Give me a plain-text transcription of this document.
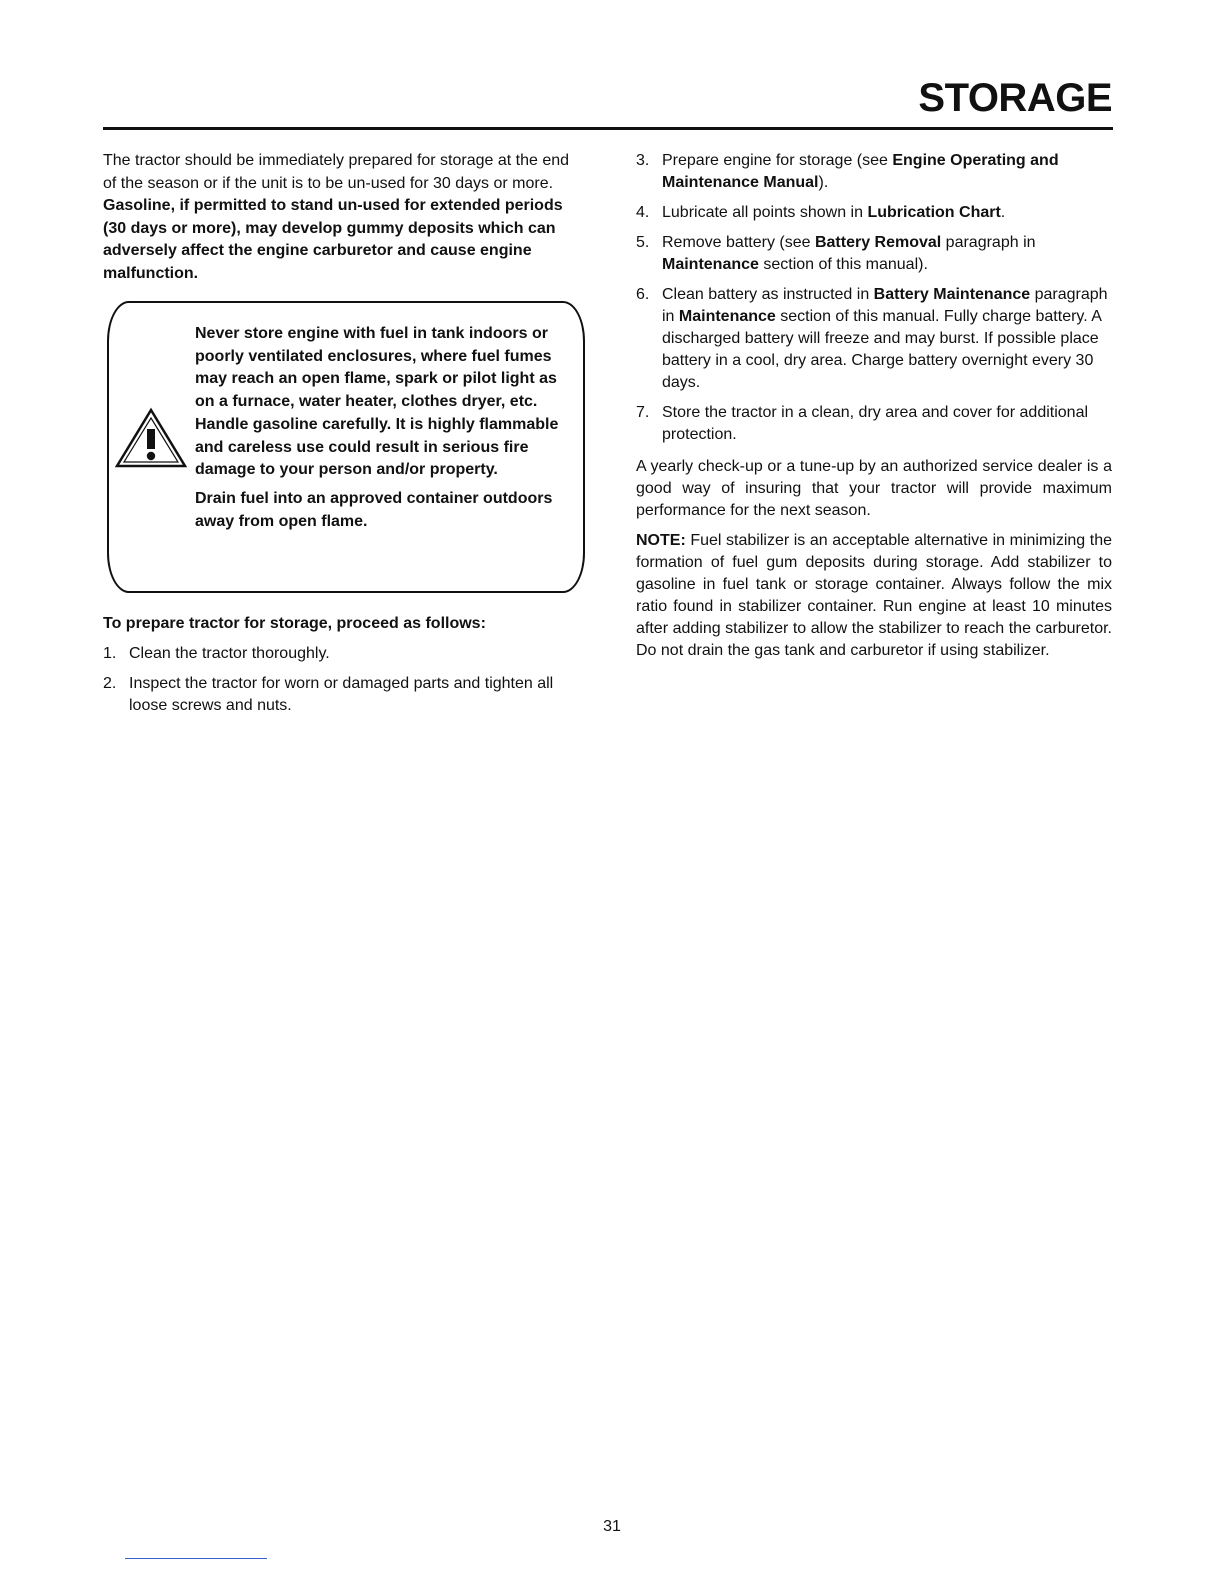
STORAGE

The tractor should be immediately prepared for storage at the end of the season or if the unit is to be un-used for 30 days or more. Gasoline, if permitted to stand un-used for extended periods (30 days or more), may develop gummy deposits which can adversely affect the engine carburetor and cause engine malfunction.

Never store engine with fuel in tank indoors or poorly ventilated enclosures, where fuel fumes may reach an open flame, spark or pilot light as on a furnace, water heater, clothes dryer, etc.

Handle gasoline carefully. It is highly flammable and careless use could result in serious fire damage to your person and/or property.

Drain fuel into an approved container outdoors away from open flame.

To prepare tractor for storage, proceed as follows:

1. Clean the tractor thoroughly.
2. Inspect the tractor for worn or damaged parts and tighten all loose screws and nuts.
3. Prepare engine for storage (see Engine Operating and Maintenance Manual).
4. Lubricate all points shown in Lubrication Chart.
5. Remove battery (see Battery Removal paragraph in Maintenance section of this manual).
6. Clean battery as instructed in Battery Maintenance paragraph in Maintenance section of this manual. Fully charge battery. A discharged battery will freeze and may burst. If possible place battery in a cool, dry area. Charge battery overnight every 30 days.
7. Store the tractor in a clean, dry area and cover for additional protection.

A yearly check-up or a tune-up by an authorized service dealer is a good way of insuring that your tractor will provide maximum performance for the next season.

NOTE: Fuel stabilizer is an acceptable alternative in minimizing the formation of fuel gum deposits during storage. Add stabilizer to gasoline in fuel tank or storage container. Always follow the mix ratio found in stabilizer container. Run engine at least 10 minutes after adding stabilizer to allow the stabilizer to reach the carburetor. Do not drain the gas tank and carburetor if using stabilizer.

31
